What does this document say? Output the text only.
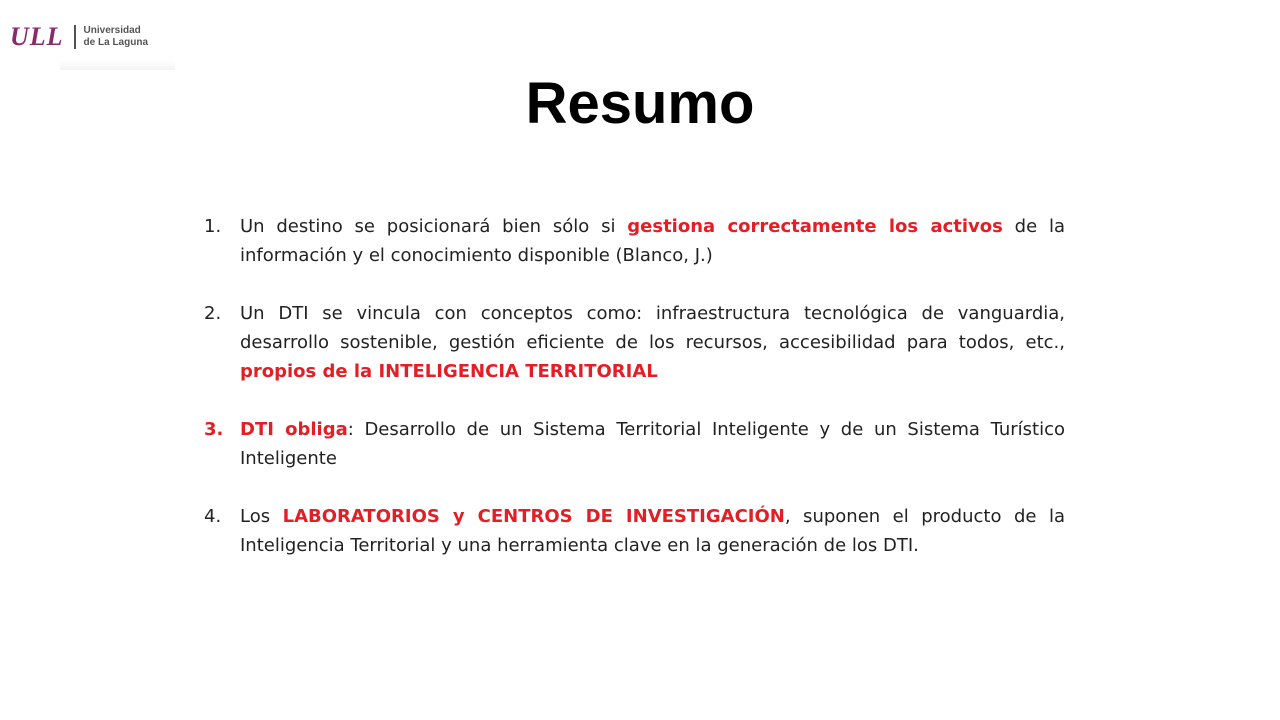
ULL Universidad
de La Laguna
Resumo
1.	Un destino se posicionará bien sólo si gestiona correctamente los activos de la información y el conocimiento disponible (Blanco, J.)
2.	Un DTI se vincula con conceptos como: infraestructura tecnológica de vanguardia, desarrollo sostenible, gestión eficiente de los recursos, accesibilidad para todos, etc., propios de la INTELIGENCIA TERRITORIAL
3. DTI obliga: Desarrollo de un Sistema Territorial Inteligente y de un Sistema Turístico Inteligente
4.	Los LABORATORIOS y CENTROS DE INVESTIGACIÓN, suponen el producto de la Inteligencia Territorial y una herramienta clave en la generación de los DTI.
